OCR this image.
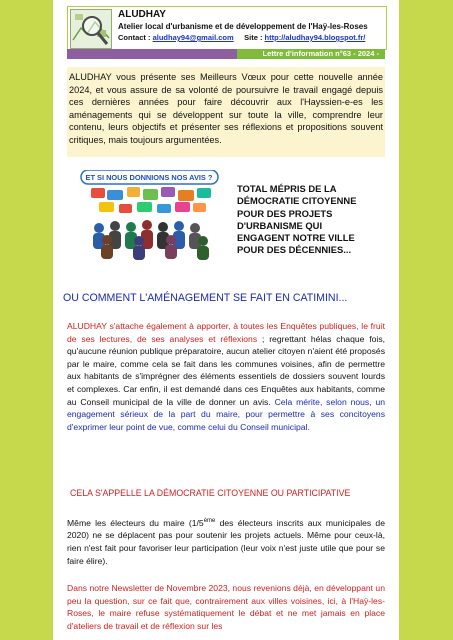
ALUDHAY
Atelier local d'urbanisme et de développement de l'Haÿ-les-Roses
Contact : aludhay94@gmail.com Site : http://aludhay94.blogspot.fr/
Lettre d'information n°63 - 2024 -

ALUDHAY vous présente ses Meilleurs Vœux pour cette nouvelle année 2024, et vous assure de sa volonté de poursuivre le travail engagé depuis ces dernières années pour faire découvrir aux l'Hayssien-e-es les aménagements qui se développent sur toute la ville, comprendre leur contenu, leurs objectifs et présenter ses réflexions et propositions souvent critiques, mais toujours argumentées.

ET SI NOUS DONNIONS NOS AVIS ?
TOTAL MÉPRIS DE LA DÉMOCRATIE CITOYENNE POUR DES PROJETS D'URBANISME QUI ENGAGENT NOTRE VILLE POUR DES DÉCENNIES...
OU COMMENT L'AMÉNAGEMENT SE FAIT EN CATIMINI...

ALUDHAY s'attache également à apporter, à toutes les Enquêtes publiques, le fruit de ses lectures, de ses analyses et réflexions ; regrettant hélas chaque fois, qu'aucune réunion publique préparatoire, aucun atelier citoyen n'aient été proposés par le maire, comme cela se fait dans les communes voisines, afin de permettre aux habitants de s'imprégner des éléments essentiels de dossiers souvent lourds et complexes. Car enfin, il est demandé dans ces Enquêtes aux habitants, comme au Conseil municipal de la ville de donner un avis. Cela mérite, selon nous, un engagement sérieux de la part du maire, pour permettre à ses concitoyens d'exprimer leur point de vue, comme celui du Conseil municipal.

CELA S'APPELLE LA DÉMOCRATIE CITOYENNE OU PARTICIPATIVE

Même les électeurs du maire (1/5ème des électeurs inscrits aux municipales de 2020) ne se déplacent pas pour soutenir les projets actuels. Même pour ceux-là, rien n'est fait pour favoriser leur participation (leur voix n'est juste utile que pour se faire élire).

Dans notre Newsletter de Novembre 2023, nous revenions déjà, en développant un peu la question, sur ce fait que, contrairement aux villes voisines, ici, à l'Haÿ-les-Roses, le maire refuse systématiquement le débat et ne met jamais en place d'ateliers de travail et de réflexion sur les
